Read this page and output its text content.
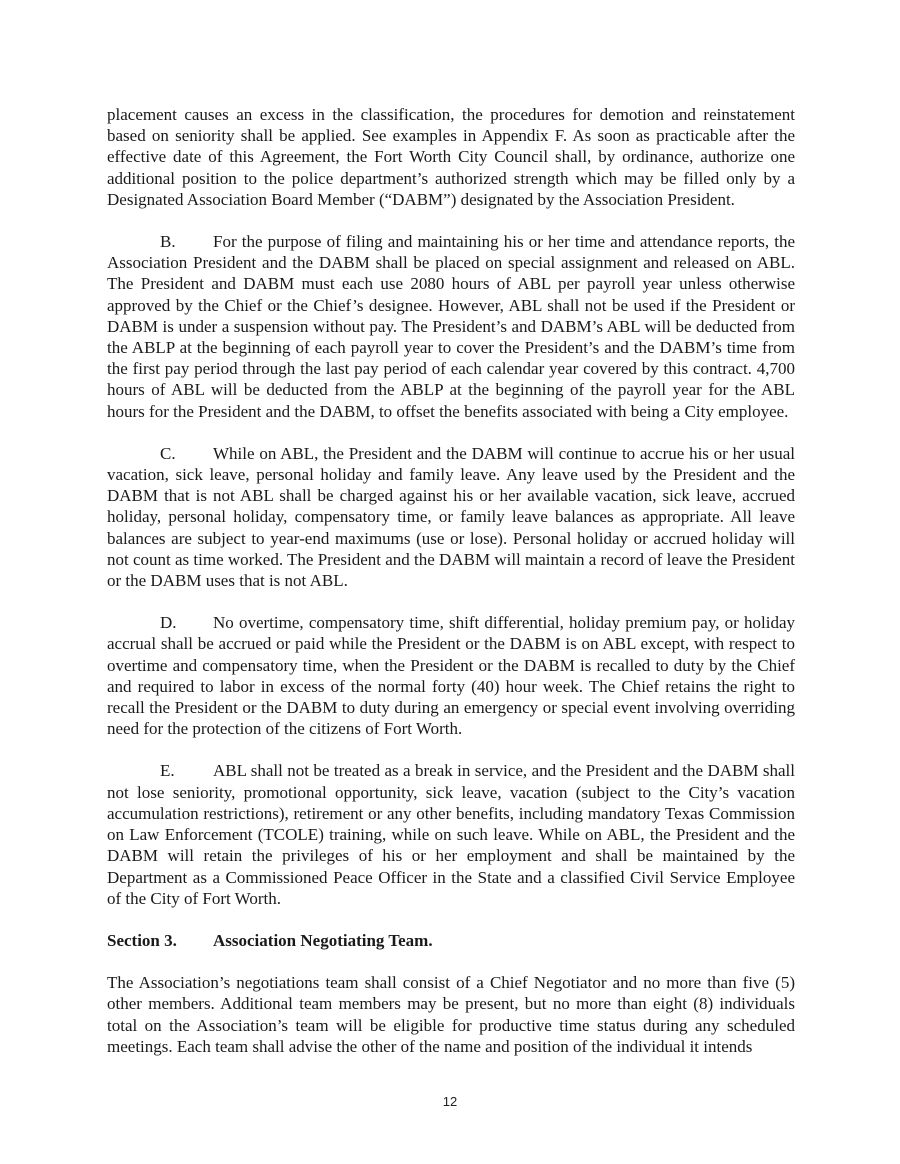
placement causes an excess in the classification, the procedures for demotion and reinstatement based on seniority shall be applied. See examples in Appendix F. As soon as practicable after the effective date of this Agreement, the Fort Worth City Council shall, by ordinance, authorize one additional position to the police department’s authorized strength which may be filled only by a Designated Association Board Member (“DABM”) designated by the Association President.

B. For the purpose of filing and maintaining his or her time and attendance reports, the Association President and the DABM shall be placed on special assignment and released on ABL. The President and DABM must each use 2080 hours of ABL per payroll year unless otherwise approved by the Chief or the Chief’s designee. However, ABL shall not be used if the President or DABM is under a suspension without pay. The President’s and DABM’s ABL will be deducted from the ABLP at the beginning of each payroll year to cover the President’s and the DABM’s time from the first pay period through the last pay period of each calendar year covered by this contract. 4,700 hours of ABL will be deducted from the ABLP at the beginning of the payroll year for the ABL hours for the President and the DABM, to offset the benefits associated with being a City employee.

C. While on ABL, the President and the DABM will continue to accrue his or her usual vacation, sick leave, personal holiday and family leave. Any leave used by the President and the DABM that is not ABL shall be charged against his or her available vacation, sick leave, accrued holiday, personal holiday, compensatory time, or family leave balances as appropriate. All leave balances are subject to year-end maximums (use or lose). Personal holiday or accrued holiday will not count as time worked. The President and the DABM will maintain a record of leave the President or the DABM uses that is not ABL.

D. No overtime, compensatory time, shift differential, holiday premium pay, or holiday accrual shall be accrued or paid while the President or the DABM is on ABL except, with respect to overtime and compensatory time, when the President or the DABM is recalled to duty by the Chief and required to labor in excess of the normal forty (40) hour week. The Chief retains the right to recall the President or the DABM to duty during an emergency or special event involving overriding need for the protection of the citizens of Fort Worth.

E. ABL shall not be treated as a break in service, and the President and the DABM shall not lose seniority, promotional opportunity, sick leave, vacation (subject to the City’s vacation accumulation restrictions), retirement or any other benefits, including mandatory Texas Commission on Law Enforcement (TCOLE) training, while on such leave. While on ABL, the President and the DABM will retain the privileges of his or her employment and shall be maintained by the Department as a Commissioned Peace Officer in the State and a classified Civil Service Employee of the City of Fort Worth.

Section 3. Association Negotiating Team.

The Association’s negotiations team shall consist of a Chief Negotiator and no more than five (5) other members. Additional team members may be present, but no more than eight (8) individuals total on the Association’s team will be eligible for productive time status during any scheduled meetings. Each team shall advise the other of the name and position of the individual it intends

12
